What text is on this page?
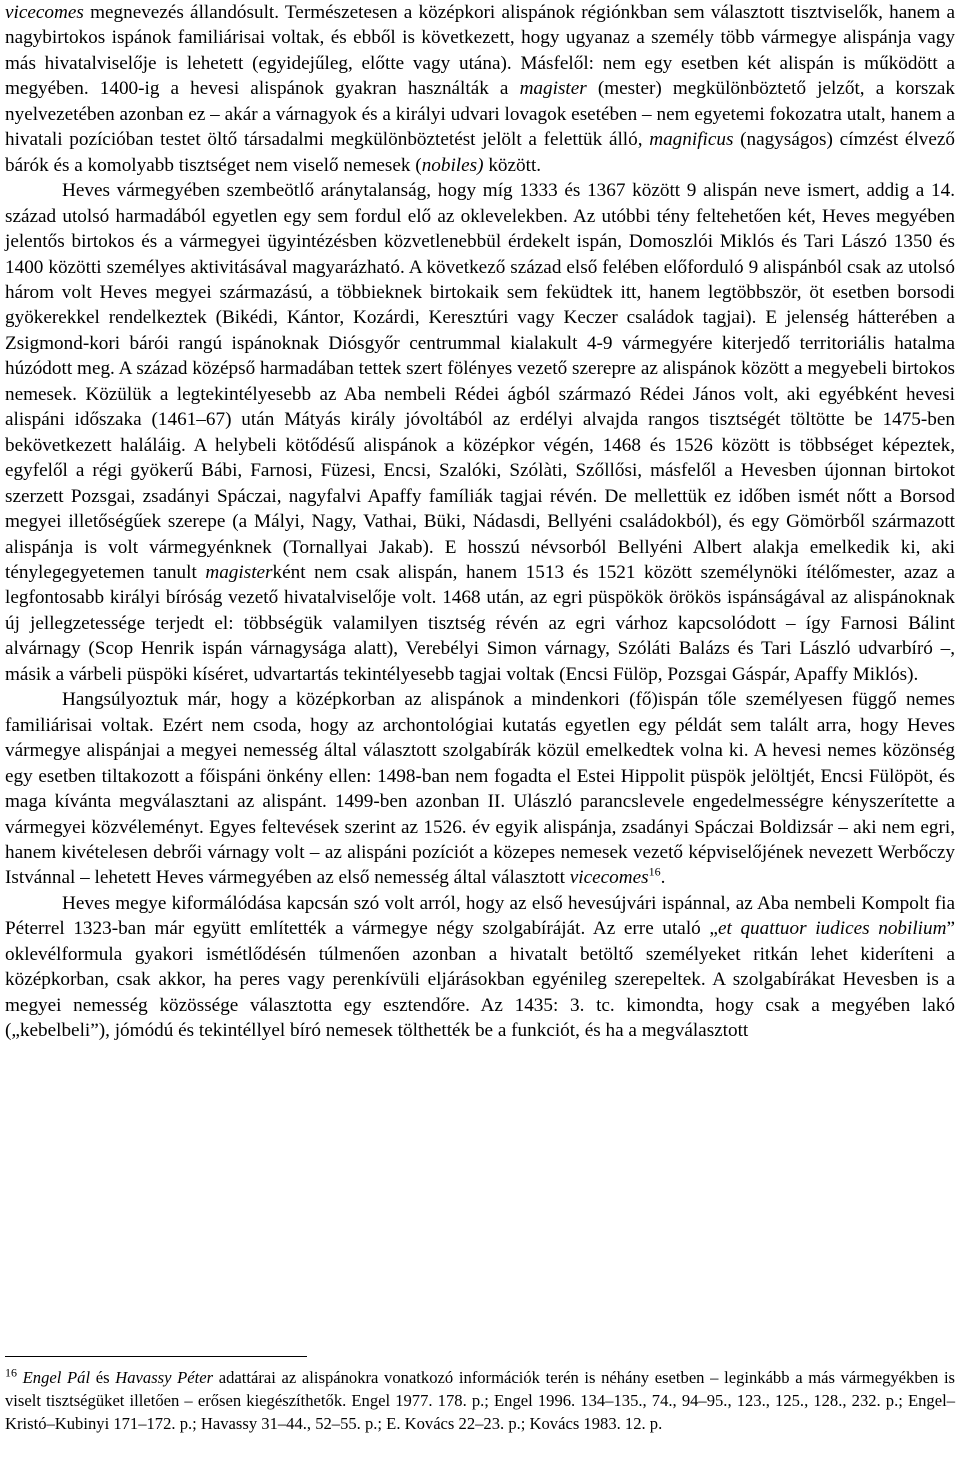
vicecomes megnevezés állandósult. Természetesen a középkori alispánok régiónkban sem választott tisztviselők, hanem a nagybirtokos ispánok familiárisai voltak, és ebből is következett, hogy ugyanaz a személy több vármegye alispánja vagy más hivatalviselője is lehetett (egyidejűleg, előtte vagy utána). Másfelől: nem egy esetben két alispán is működött a megyében. 1400-ig a hevesi alispánok gyakran használták a magister (mester) megkülönböztető jelzőt, a korszak nyelvezetében azonban ez – akár a várnagyok és a királyi udvari lovagok esetében – nem egyetemi fokozatra utalt, hanem a hivatali pozícióban testet öltő társadalmi megkülönböztetést jelölt a felettük álló, magnificus (nagyságos) címzést élvező bárók és a komolyabb tisztséget nem viselő nemesek (nobiles) között.

Heves vármegyében szembeötlő aránytalanság, hogy míg 1333 és 1367 között 9 alispán neve ismert, addig a 14. század utolsó harmadából egyetlen egy sem fordul elő az oklevelekben. Az utóbbi tény feltehetően két, Heves megyében jelentős birtokos és a vármegyei ügyintézésben közvetlenebbül érdekelt ispán, Domoszlói Miklós és Tari Lászó 1350 és 1400 közötti személyes aktivitásával magyarázható. A következő század első felében előforduló 9 alispánból csak az utolsó három volt Heves megyei származású, a többieknek birtokaik sem feküdtek itt, hanem legtöbbször, öt esetben borsodi gyökerekkel rendelkeztek (Bikédi, Kántor, Kozárdi, Keresztúri vagy Keczer családok tagjai). E jelenség hátterében a Zsigmond-kori bárói rangú ispánoknak Diósgyőr centrummal kialakult 4-9 vármegyére kiterjedő territoriális hatalma húzódott meg. A század középső harmadában tettek szert fölényes vezető szerepre az alispánok között a megyebeli birtokos nemesek. Közülük a legtekintélyesebb az Aba nembeli Rédei ágból származó Rédei János volt, aki egyébként hevesi alispáni időszaka (1461–67) után Mátyás király jóvoltából az erdélyi alvajda rangos tisztségét töltötte be 1475-ben bekövetkezett haláláig. A helybeli kötődésű alispánok a középkor végén, 1468 és 1526 között is többséget képeztek, egyfelől a régi gyökerű Bábi, Farnosi, Füzesi, Encsi, Szalóki, Szólàti, Szőllősi, másfelől a Hevesben újonnan birtokot szerzett Pozsgai, zsadányi Spáczai, nagyfalvi Apaffy famíliák tagjai révén. De mellettük ez időben ismét nőtt a Borsod megyei illetőségűek szerepe (a Mályi, Nagy, Vathai, Büki, Nádasdi, Bellyéni családokból), és egy Gömörből származott alispánja is volt vármegyénknek (Tornallyai Jakab). E hosszú névsorból Bellyéni Albert alakja emelkedik ki, aki ténylegegyetemen tanult magisterként nem csak alispán, hanem 1513 és 1521 között személynöki ítélőmester, azaz a legfontosabb királyi bíróság vezető hivatalviselője volt. 1468 után, az egri püspökök örökös ispánságával az alispánoknak új jellegzetessége terjedt el: többségük valamilyen tisztség révén az egri várhoz kapcsolódott – így Farnosi Bálint alvárnagy (Scop Henrik ispán várnagysága alatt), Verebélyi Simon várnagy, Szóláti Balázs és Tari László udvarbíró –, másik a várbeli püspöki kíséret, udvartartás tekintélyesebb tagjai voltak (Encsi Fülöp, Pozsgai Gáspár, Apaffy Miklós).

Hangsúlyoztuk már, hogy a középkorban az alispánok a mindenkori (fő)ispán tőle személyesen függő nemes familiárisai voltak. Ezért nem csoda, hogy az archontológiai kutatás egyetlen egy példát sem talált arra, hogy Heves vármegye alispánjai a megyei nemesség által választott szolgabírák közül emelkedtek volna ki. A hevesi nemes közönség egy esetben tiltakozott a főispáni önkény ellen: 1498-ban nem fogadta el Estei Hippolit püspök jelöltjét, Encsi Fülöpöt, és maga kívánta megválasztani az alispánt. 1499-ben azonban II. Ulászló parancslevele engedelmességre kényszerítette a vármegyei közvéleményt. Egyes feltevések szerint az 1526. év egyik alispánja, zsadányi Spáczai Boldizsár – aki nem egri, hanem kivételesen debrői várnagy volt – az alispáni pozíciót a közepes nemesek vezető képviselőjének nevezett Werbőczy Istvánnal – lehetett Heves vármegyében az első nemesség által választott vicecomes$^{16}$.

Heves megye kiformálódása kapcsán szó volt arról, hogy az első hevesújvári ispánnal, az Aba nembeli Kompolt fia Péterrel 1323-ban már együtt említették a vármegye négy szolgabíráját. Az erre utaló „et quattuor iudices nobilium” oklevélformula gyakori ismétlődésén túlmenően azonban a hivatalt betöltő személyeket ritkán lehet kideríteni a középkorban, csak akkor, ha peres vagy perenkívüli eljárásokban egyénileg szerepeltek. A szolgabírákat Hevesben is a megyei nemesség közössége választotta egy esztendőre. Az 1435: 3. tc. kimondta, hogy csak a megyében lakó („kebelbeli”), jómódú és tekintéllyel bíró nemesek tölthették be a funkciót, és ha a megválasztott

$^{16}$ Engel Pál és Havassy Péter adattárai az alispánokra vonatkozó információk terén is néhány esetben – leginkább a más vármegyékben is viselt tisztségüket illetően – erősen kiegészíthetők. Engel 1977. 178. p.; Engel 1996. 134–135., 74., 94–95., 123., 125., 128., 232. p.; Engel–Kristó–Kubinyi 171–172. p.; Havassy 31–44., 52–55. p.; E. Kovács 22–23. p.; Kovács 1983. 12. p.
